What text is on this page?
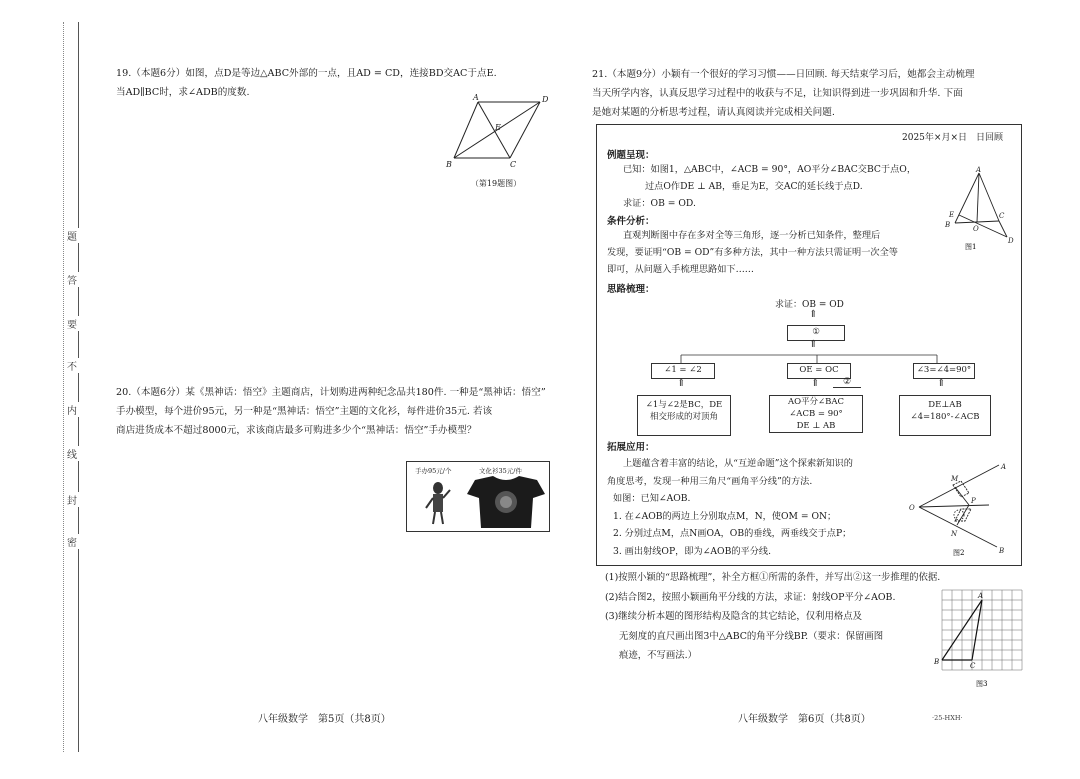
题
答
要
不
内
线
封
密

19.（本题6分）如图，点D是等边△ABC外部的一点，且AD = CD，连接BD交AC于点E.

当AD∥BC时，求∠ADB的度数.	A	D
E
B	C
（第19题图）

20.（本题6分）某《黑神话：悟空》主题商店，计划购进两种纪念品共180件. 一种是“黑神话：悟空”

手办模型，每个进价95元，另一种是“黑神话：悟空”主题的文化衫，每件进价35元. 若该

商店进货成本不超过8000元，求该商店最多可购进多少个“黑神话：悟空”手办模型？

手办95元/个	文化衫35元/件
八年级数学　第5页（共8页）

21.（本题9分）小颖有一个很好的学习习惯——日回顾. 每天结束学习后，她都会主动梳理

当天所学内容，认真反思学习过程中的收获与不足，让知识得到进一步巩固和升华. 下面

是她对某题的分析思考过程，请认真阅读并完成相关问题.

2025年×月×日　日回顾
例题呈现：

已知：如图1，△ABC中，∠ACB = 90°，AO平分∠BAC交BC于点O，

过点O作DE ⊥ AB，垂足为E，交AC的延长线于点D.

求证：OB = OD.

条件分析：

直观判断图中存在多对全等三角形，逐一分析已知条件，整理后

发现，要证明“OB = OD”有多种方法，其中一种方法只需证明一次全等

即可，从问题入手梳理思路如下……

A
E
B
C
O
D
图1
思路梳理：
求证：OB = OD
⇑
①
⇑
∠1 = ∠2	OE = OC	∠3=∠4=90°
⇑	⇑	②	⇑
∠1与∠2是BC，DE
相交形成的对顶角
AO平分∠BAC
∠ACB = 90°
DE ⊥ AB
DE⊥AB
∠4=180°-∠ACB
拓展应用：

上题蕴含着丰富的结论，从“互逆命题”这个探索新知识的

角度思考，发现一种用三角尺“画角平分线”的方法.

如图：已知∠AOB.

1. 在∠AOB的两边上分别取点M，N，使OM = ON；

2. 分别过点M，点N画OA，OB的垂线，两垂线交于点P；

3. 画出射线OP，即为∠AOB的平分线.

A
M
P
O
N
B
图2

(1)按照小颖的“思路梳理”，补全方框①所需的条件，并写出②这一步推理的依据.

(2)结合图2，按照小颖画角平分线的方法，求证：射线OP平分∠AOB.

(3)继续分析本题的图形结构及隐含的其它结论，仅利用格点及

无刻度的直尺画出图3中△ABC的角平分线BP.（要求：保留画图

痕迹，不写画法.）

A
B	C
图3
八年级数学　第6页（共8页）	·25-HXH·
